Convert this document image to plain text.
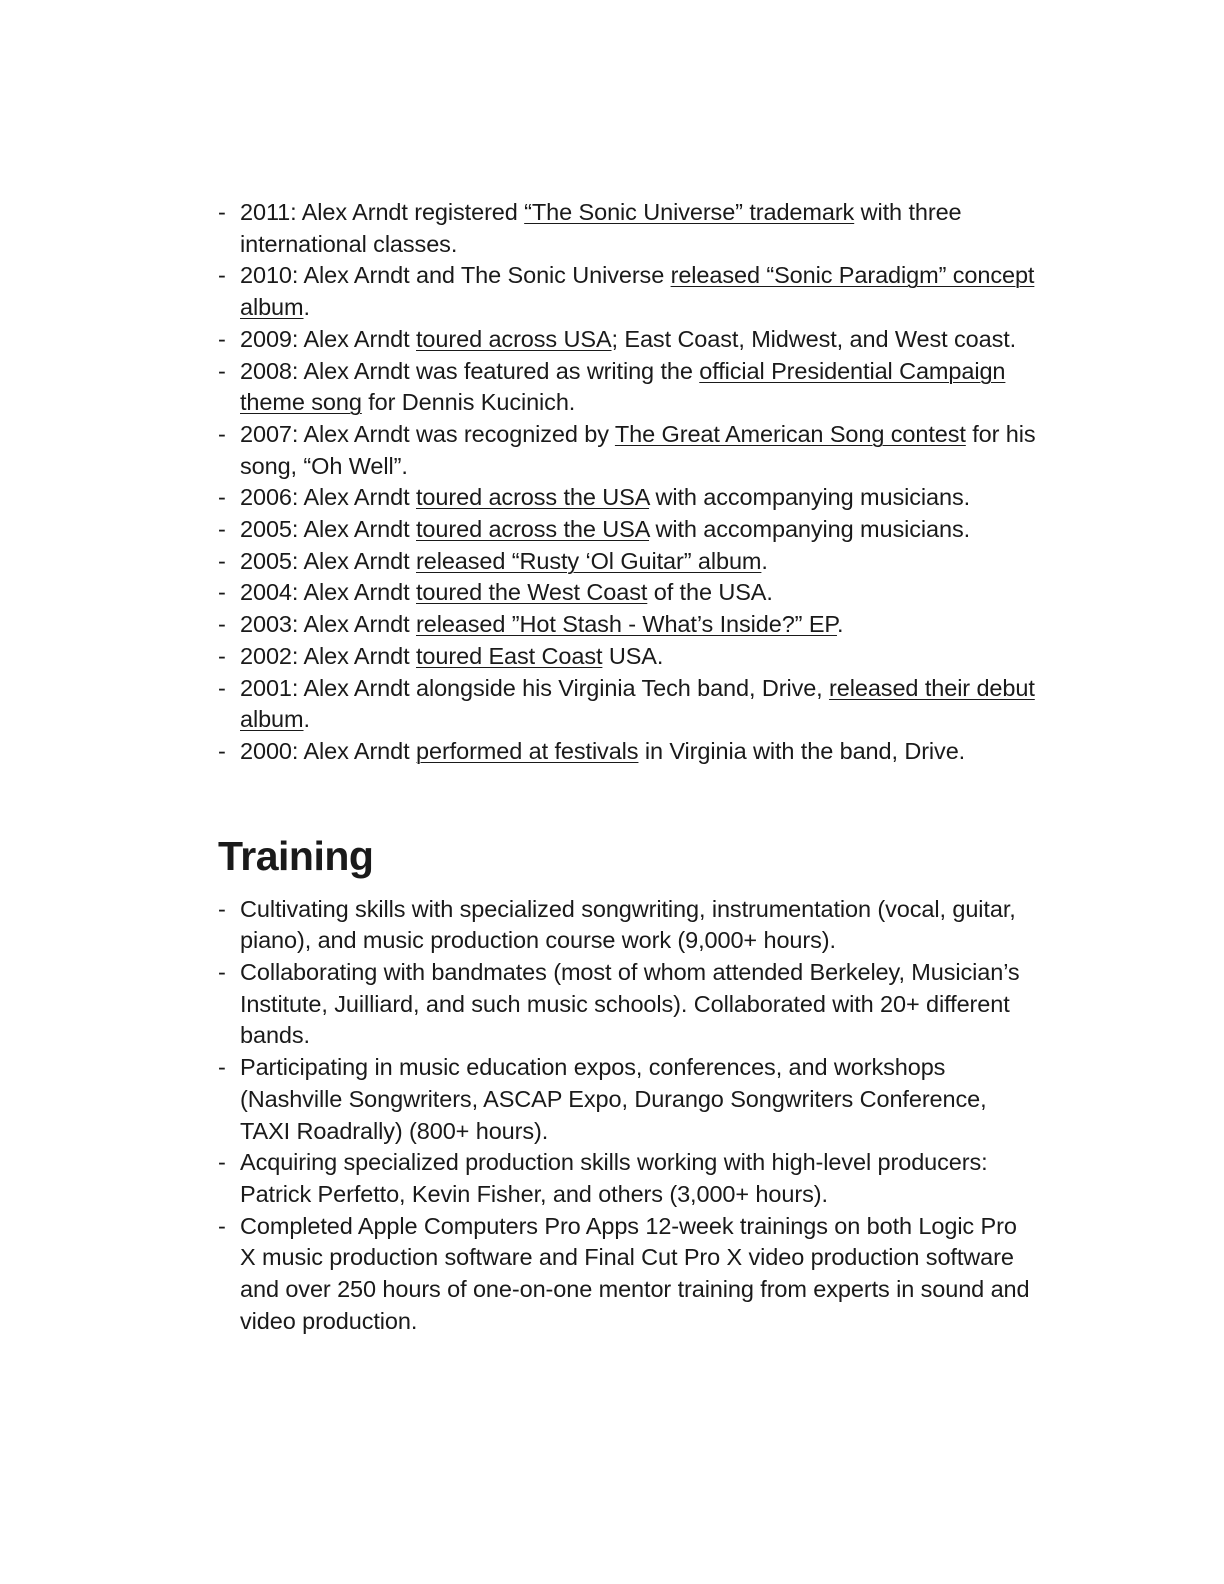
- 2011: Alex Arndt registered “The Sonic Universe” trademark with three international classes.
- 2010: Alex Arndt and The Sonic Universe released “Sonic Paradigm” concept album.
- 2009: Alex Arndt toured across USA; East Coast, Midwest, and West coast.
- 2008: Alex Arndt was featured as writing the official Presidential Campaign theme song for Dennis Kucinich.
- 2007: Alex Arndt was recognized by The Great American Song contest for his song, “Oh Well”.
- 2006: Alex Arndt toured across the USA with accompanying musicians.
- 2005: Alex Arndt toured across the USA with accompanying musicians.
- 2005: Alex Arndt released “Rusty ‘Ol Guitar” album.
- 2004: Alex Arndt toured the West Coast of the USA.
- 2003: Alex Arndt released ”Hot Stash - What’s Inside?” EP.
- 2002: Alex Arndt toured East Coast USA.
- 2001: Alex Arndt alongside his Virginia Tech band, Drive, released their debut album.
- 2000: Alex Arndt performed at festivals in Virginia with the band, Drive.
Training
- Cultivating skills with specialized songwriting, instrumentation (vocal, guitar, piano), and music production course work (9,000+ hours).
- Collaborating with bandmates (most of whom attended Berkeley, Musician’s Institute, Juilliard, and such music schools). Collaborated with 20+ different bands.
- Participating in music education expos, conferences, and workshops (Nashville Songwriters, ASCAP Expo, Durango Songwriters Conference, TAXI Roadrally) (800+ hours).
- Acquiring specialized production skills working with high-level producers: Patrick Perfetto, Kevin Fisher, and others (3,000+ hours).
- Completed Apple Computers Pro Apps 12-week trainings on both Logic Pro X music production software and Final Cut Pro X video production software and over 250 hours of one-on-one mentor training from experts in sound and video production.
